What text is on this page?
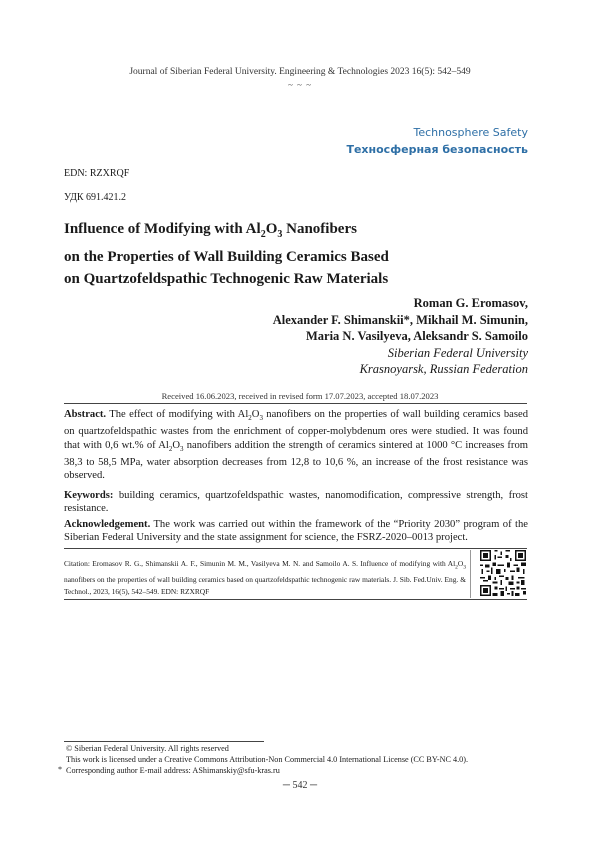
Journal of Siberian Federal University. Engineering & Technologies 2023 16(5): 542–549
~ ~ ~
Technosphere Safety
Техносферная безопасность
EDN: RZXRQF
УДК 691.421.2
Influence of Modifying with $Al_2O_3$ Nanofibers
on the Properties of Wall Building Ceramics Based
on Quartzofeldspathic Technogenic Raw Materials
Roman G. Eromasov,
Alexander F. Shimanskii*, Mikhail M. Simunin,
Maria N. Vasilyeva, Aleksandr S. Samoilo
Siberian Federal University
Krasnoyarsk, Russian Federation
Received 16.06.2023, received in revised form 17.07.2023, accepted 18.07.2023
Abstract. The effect of modifying with $Al_2O_3$ nanofibers on the properties of wall building ceramics based on quartzofeldspathic wastes from the enrichment of copper-molybdenum ores were studied. It was found that with 0,6 wt.% of $Al_2O_3$ nanofibers addition the strength of ceramics sintered at 1000 °C increases from 38,3 to 58,5 MPa, water absorption decreases from 12,8 to 10,6 %, an increase of the frost resistance was observed.
Keywords: building ceramics, quartzofeldspathic wastes, nanomodification, compressive strength, frost resistance.
Acknowledgement. The work was carried out within the framework of the “Priority 2030” program of the Siberian Federal University and the state assignment for science, the FSRZ-2020–0013 project.
Citation: Eromasov R. G., Shimanskii A. F., Simunin M. M., Vasilyeva M. N. and Samoilo A. S. Influence of modifying with $Al_2O_3$ nanofibers on the properties of wall building ceramics based on quartzofeldspathic technogenic raw materials. J. Sib. Fed.Univ. Eng. & Technol., 2023, 16(5), 542–549. EDN: RZXRQF
© Siberian Federal University. All rights reserved
This work is licensed under a Creative Commons Attribution-Non Commercial 4.0 International License (CC BY-NC 4.0).
* Corresponding author E-mail address: AShimanskiy@sfu-kras.ru
─ 542 ─
